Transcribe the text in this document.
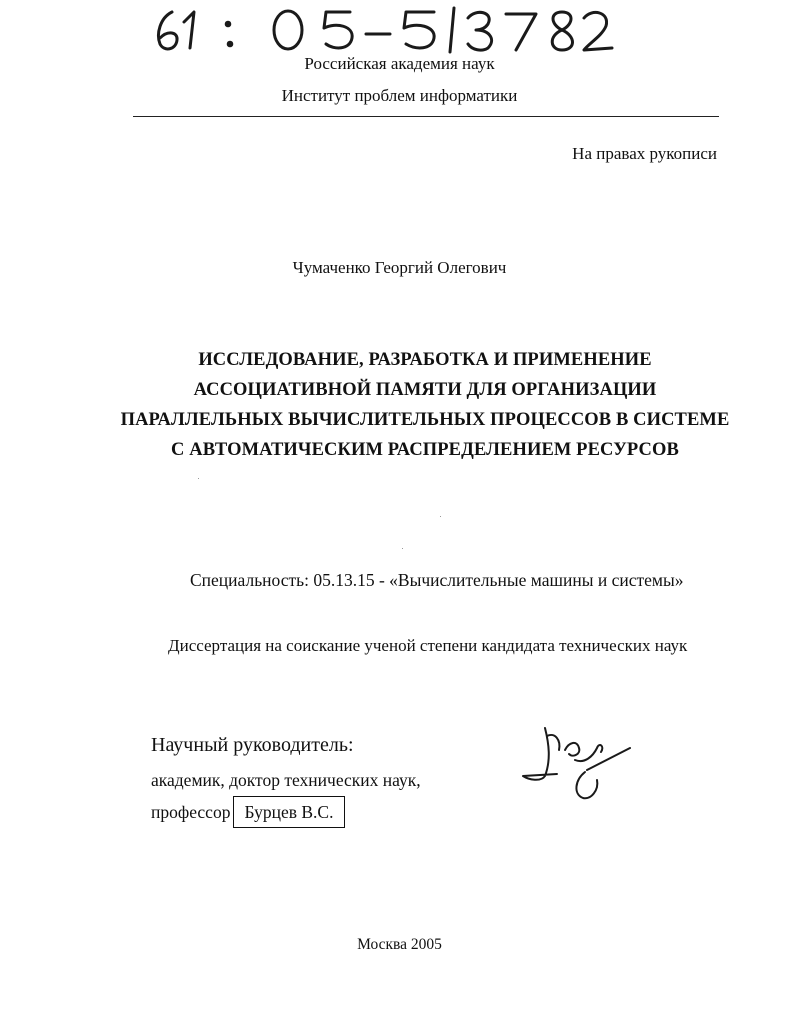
Российская академия наук
Институт проблем информатики
На правах рукописи
Чумаченко Георгий Олегович
ИССЛЕДОВАНИЕ, РАЗРАБОТКА И ПРИМЕНЕНИЕ
АССОЦИАТИВНОЙ ПАМЯТИ ДЛЯ ОРГАНИЗАЦИИ
ПАРАЛЛЕЛЬНЫХ ВЫЧИСЛИТЕЛЬНЫХ ПРОЦЕССОВ В СИСТЕМЕ
С АВТОМАТИЧЕСКИМ РАСПРЕДЕЛЕНИЕМ РЕСУРСОВ
Специальность: 05.13.15 - «Вычислительные машины и системы»
Диссертация на соискание ученой степени кандидата технических наук
Научный руководитель:
академик, доктор технических наук,
профессор Бурцев В.С.
Москва 2005
